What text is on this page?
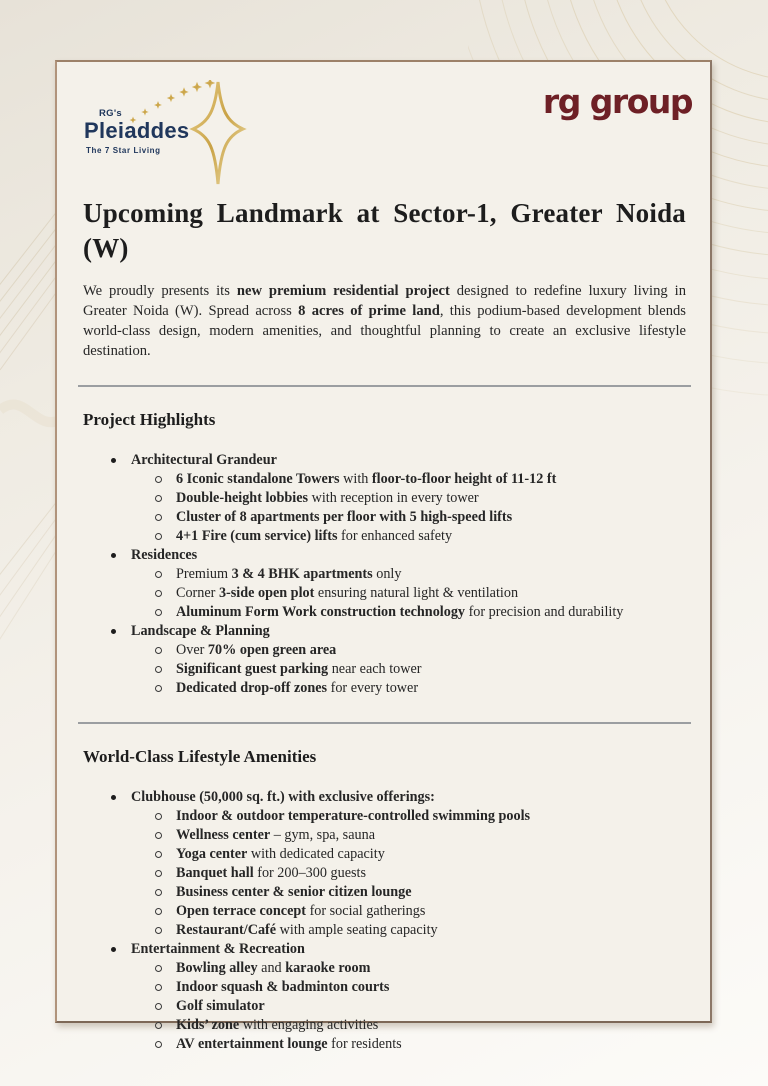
RG's
Pleiaddes
The 7 Star Living
rg group
Upcoming Landmark at Sector-1, Greater Noida (W)

We proudly presents its new premium residential project designed to redefine luxury living in Greater Noida (W). Spread across 8 acres of prime land, this podium-based development blends world-class design, modern amenities, and thoughtful planning to create an exclusive lifestyle destination.

Project Highlights
Architectural Grandeur
6 Iconic standalone Towers with floor-to-floor height of 11-12 ft
Double-height lobbies with reception in every tower
Cluster of 8 apartments per floor with 5 high-speed lifts
4+1 Fire (cum service) lifts for enhanced safety
Residences
Premium 3 & 4 BHK apartments only
Corner 3-side open plot ensuring natural light & ventilation
Aluminum Form Work construction technology for precision and durability
Landscape & Planning
Over 70% open green area
Significant guest parking near each tower
Dedicated drop-off zones for every tower
World-Class Lifestyle Amenities
Clubhouse (50,000 sq. ft.) with exclusive offerings:
Indoor & outdoor temperature-controlled swimming pools
Wellness center – gym, spa, sauna
Yoga center with dedicated capacity
Banquet hall for 200–300 guests
Business center & senior citizen lounge
Open terrace concept for social gatherings
Restaurant/Café with ample seating capacity
Entertainment & Recreation
Bowling alley and karaoke room
Indoor squash & badminton courts
Golf simulator
Kids’ zone with engaging activities
AV entertainment lounge for residents
